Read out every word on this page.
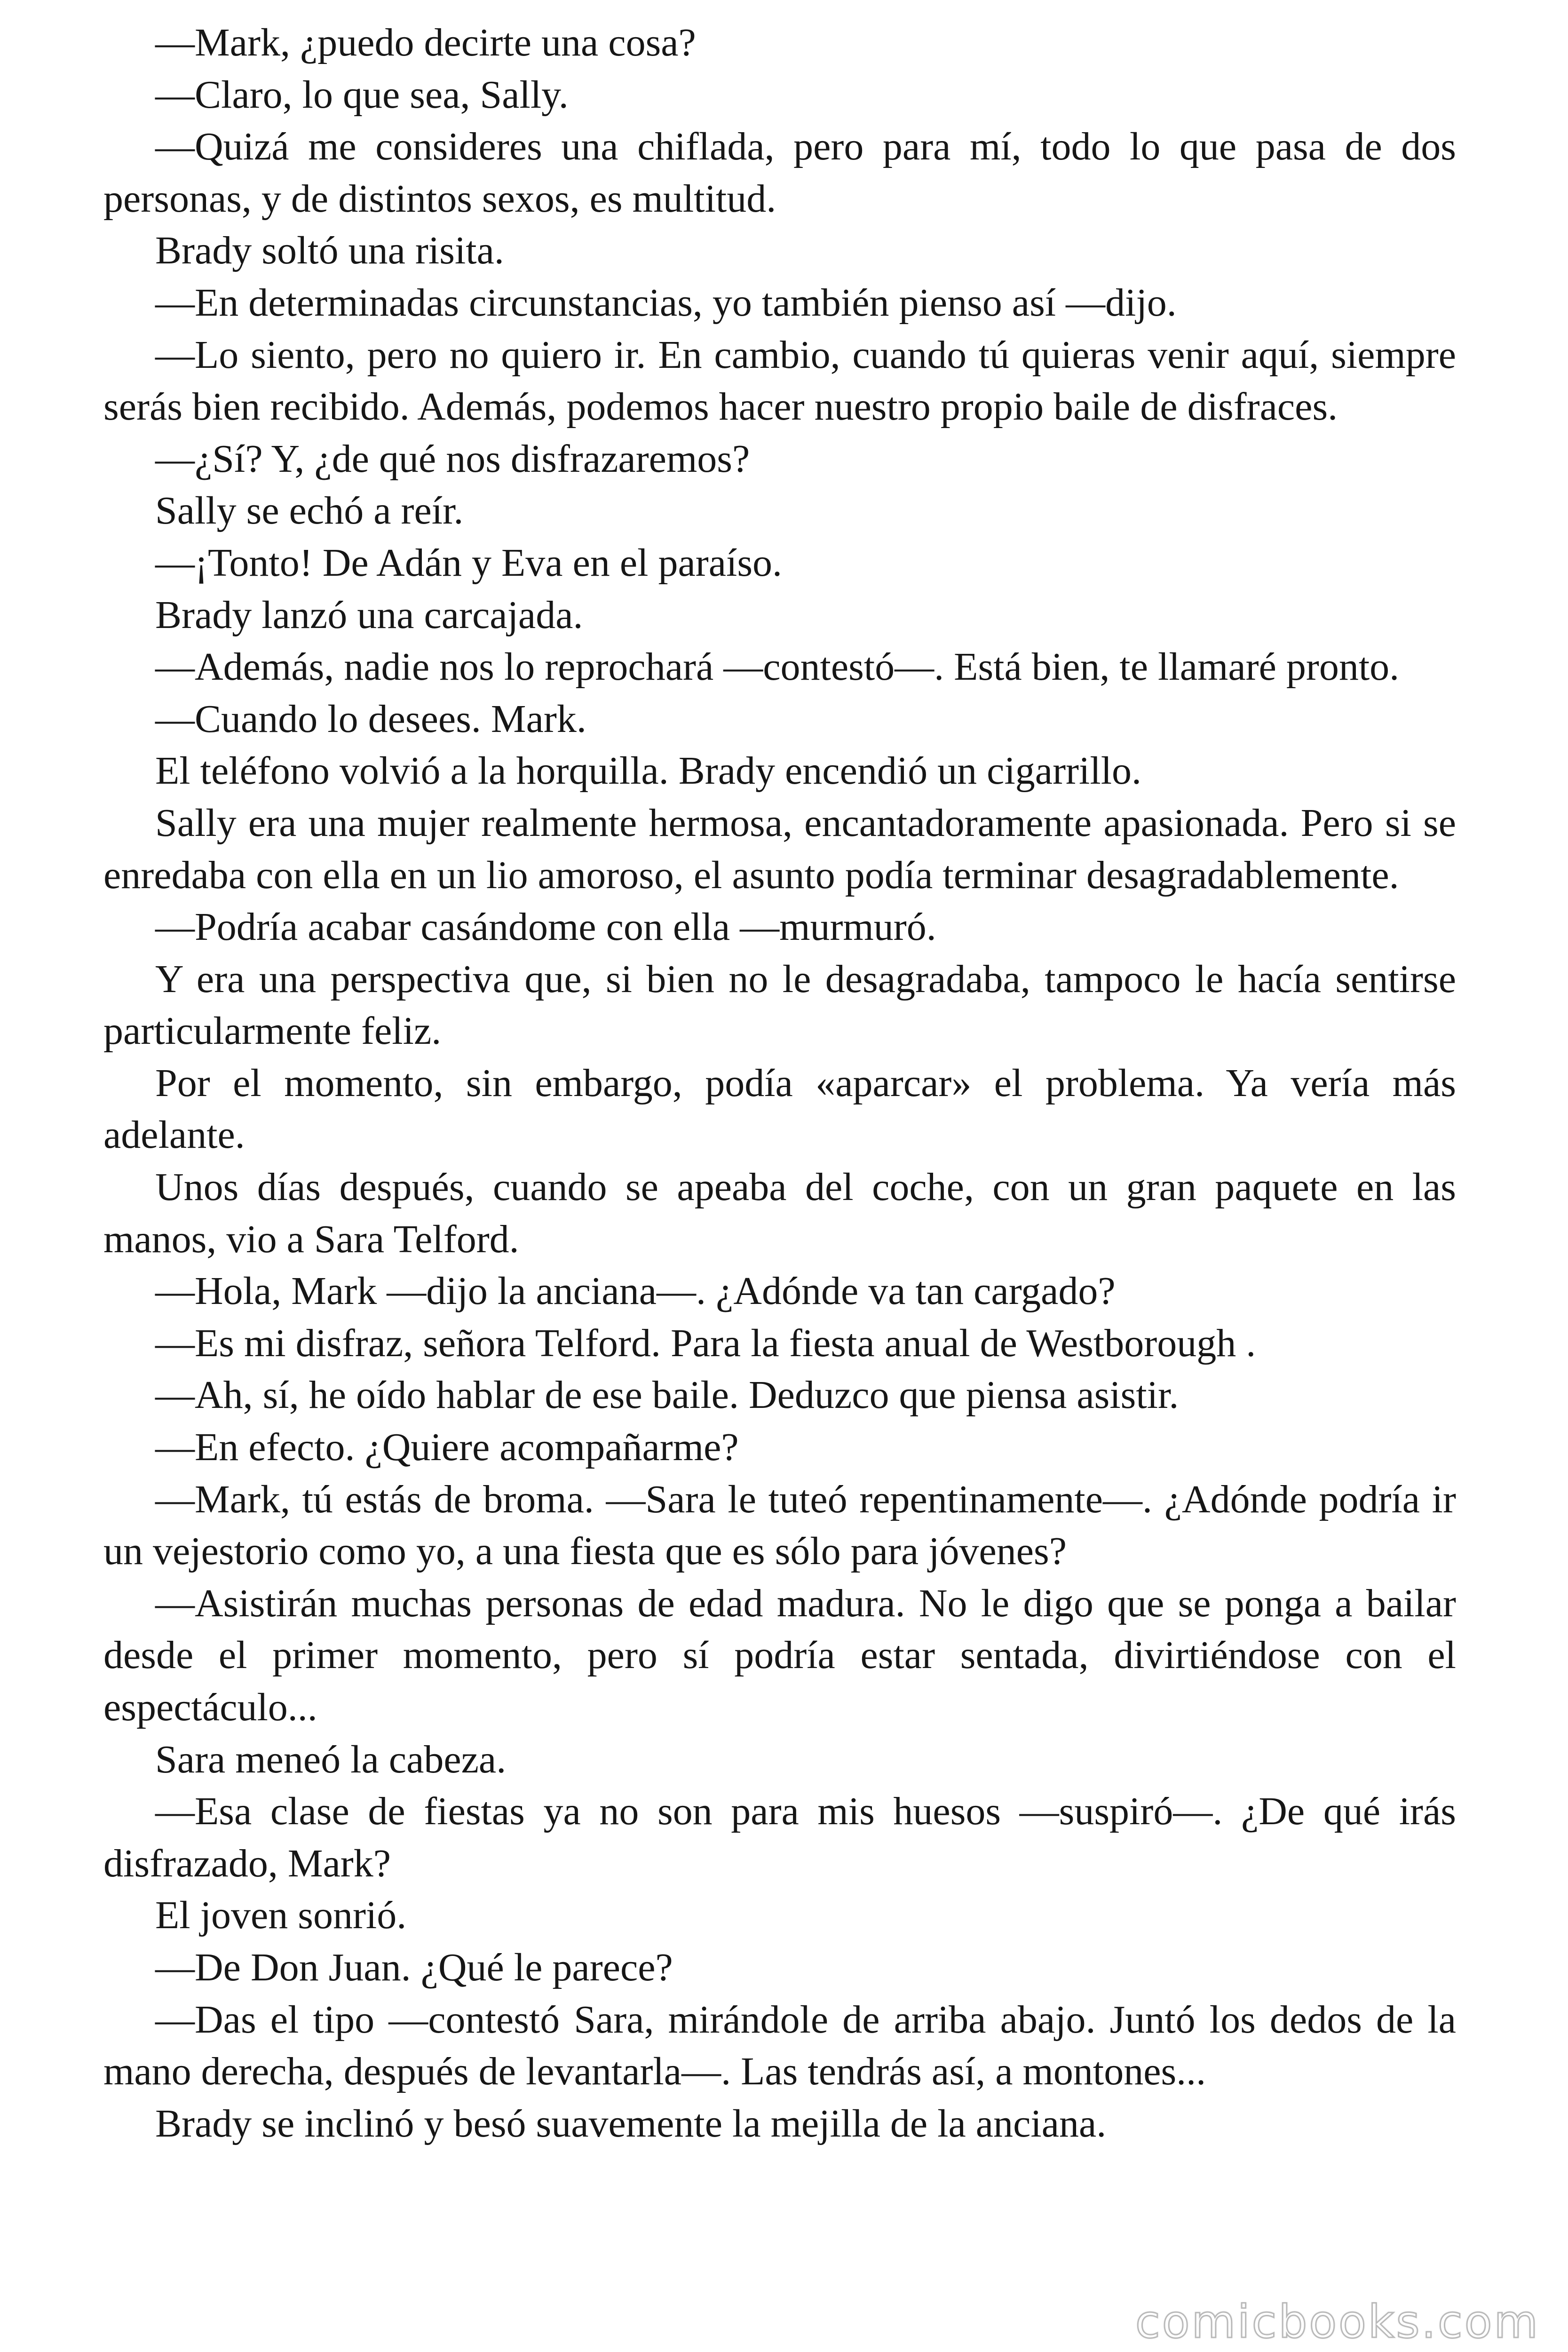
—Mark, ¿puedo decirte una cosa?

—Claro, lo que sea, Sally.

—Quizá me consideres una chiflada, pero para mí, todo lo que pasa de dos personas, y de distintos sexos, es multitud.

Brady soltó una risita.

—En determinadas circunstancias, yo también pienso así —dijo.

—Lo siento, pero no quiero ir. En cambio, cuando tú quieras venir aquí, siempre serás bien recibido. Además, podemos hacer nuestro propio baile de disfraces.

—¿Sí? Y, ¿de qué nos disfrazaremos?

Sally se echó a reír.

—¡Tonto! De Adán y Eva en el paraíso.

Brady lanzó una carcajada.

—Además, nadie nos lo reprochará —contestó—. Está bien, te llamaré pronto.

—Cuando lo desees. Mark.

El teléfono volvió a la horquilla. Brady encendió un cigarrillo.

Sally era una mujer realmente hermosa, encantadoramente apasionada. Pero si se enredaba con ella en un lio amoroso, el asunto podía terminar desagradablemente.

—Podría acabar casándome con ella —murmuró.

Y era una perspectiva que, si bien no le desagradaba, tampoco le hacía sentirse particularmente feliz.

Por el momento, sin embargo, podía «aparcar» el problema. Ya vería más adelante.

Unos días después, cuando se apeaba del coche, con un gran paquete en las manos, vio a Sara Telford.

—Hola, Mark —dijo la anciana—. ¿Adónde va tan cargado?

—Es mi disfraz, señora Telford. Para la fiesta anual de Westborough .

—Ah, sí, he oído hablar de ese baile. Deduzco que piensa asistir.

—En efecto. ¿Quiere acompañarme?

—Mark, tú estás de broma. —Sara le tuteó repentinamente—. ¿Adónde podría ir un vejestorio como yo, a una fiesta que es sólo para jóvenes?

—Asistirán muchas personas de edad madura. No le digo que se ponga a bailar desde el primer momento, pero sí podría estar sentada, divirtiéndose con el espectáculo...

Sara meneó la cabeza.

—Esa clase de fiestas ya no son para mis huesos —suspiró—. ¿De qué irás disfrazado, Mark?

El joven sonrió.

—De Don Juan. ¿Qué le parece?

—Das el tipo —contestó Sara, mirándole de arriba abajo. Juntó los dedos de la mano derecha, después de levantarla—. Las tendrás así, a montones...

Brady se inclinó y besó suavemente la mejilla de la anciana.

comicbooks.com
